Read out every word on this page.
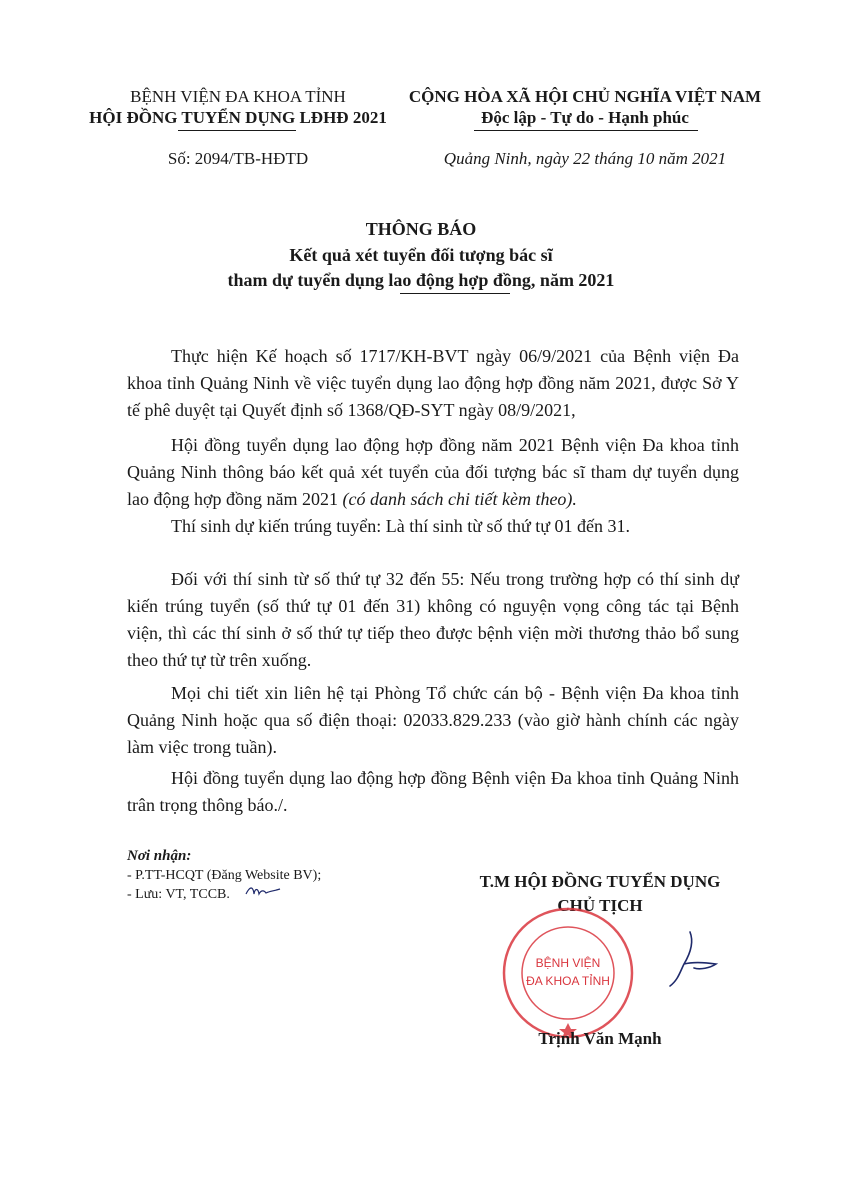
BỆNH VIỆN ĐA KHOA TỈNH
HỘI ĐỒNG TUYỂN DỤNG LĐHĐ 2021
CỘNG HÒA XÃ HỘI CHỦ NGHĨA VIỆT NAM
Độc lập - Tự do - Hạnh phúc
Số: 2094/TB-HĐTD	Quảng Ninh, ngày 22 tháng 10 năm 2021
THÔNG BÁO
Kết quả xét tuyển đối tượng bác sĩ
tham dự tuyển dụng lao động hợp đồng, năm 2021
Thực hiện Kế hoạch số 1717/KH-BVT ngày 06/9/2021 của Bệnh viện Đa khoa tỉnh Quảng Ninh về việc tuyển dụng lao động hợp đồng năm 2021, được Sở Y tế phê duyệt tại Quyết định số 1368/QĐ-SYT ngày 08/9/2021,
Hội đồng tuyển dụng lao động hợp đồng năm 2021 Bệnh viện Đa khoa tỉnh Quảng Ninh thông báo kết quả xét tuyển của đối tượng bác sĩ tham dự tuyển dụng lao động hợp đồng năm 2021 (có danh sách chi tiết kèm theo).
Thí sinh dự kiến trúng tuyển: Là thí sinh từ số thứ tự 01 đến 31.
Đối với thí sinh từ số thứ tự 32 đến 55: Nếu trong trường hợp có thí sinh dự kiến trúng tuyển (số thứ tự 01 đến 31) không có nguyện vọng công tác tại Bệnh viện, thì các thí sinh ở số thứ tự tiếp theo được bệnh viện mời thương thảo bổ sung theo thứ tự từ trên xuống.
Mọi chi tiết xin liên hệ tại Phòng Tổ chức cán bộ - Bệnh viện Đa khoa tỉnh Quảng Ninh hoặc qua số điện thoại: 02033.829.233 (vào giờ hành chính các ngày làm việc trong tuần).
Hội đồng tuyển dụng lao động hợp đồng Bệnh viện Đa khoa tỉnh Quảng Ninh trân trọng thông báo./.
Nơi nhận:
- P.TT-HCQT (Đăng Website BV);
- Lưu: VT, TCCB.
T.M HỘI ĐỒNG TUYỂN DỤNG
CHỦ TỊCH
BỆNH VIỆN
ĐA KHOA TỈNH
Trịnh Văn Mạnh
